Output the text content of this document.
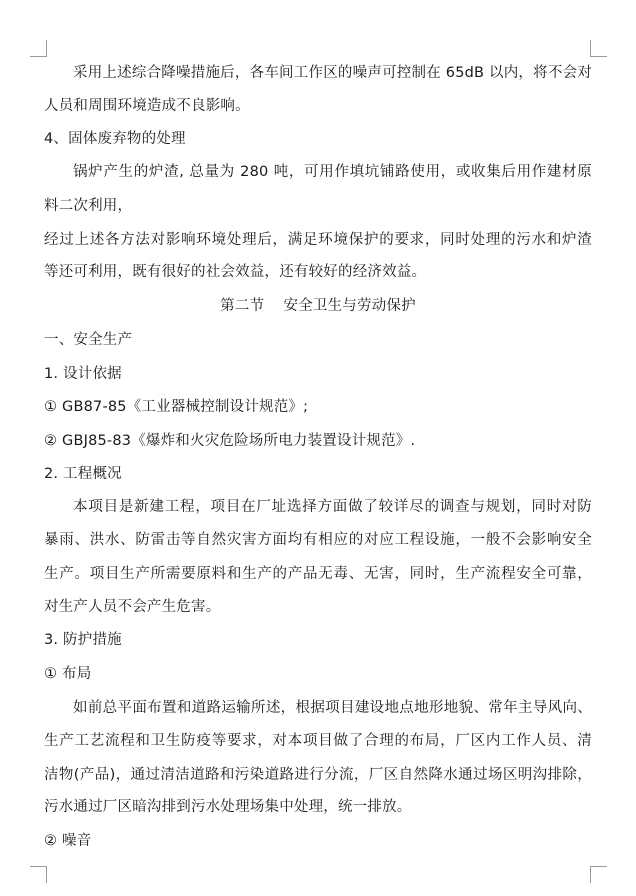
采用上述综合降噪措施后，各车间工作区的噪声可控制在 65dB 以内，将不会对
人员和周围环境造成不良影响。
4、固体废弃物的处理
锅炉产生的炉渣, 总量为 280 吨，可用作填坑铺路使用，或收集后用作建材原
料二次利用，
经过上述各方法对影响环境处理后，满足环境保护的要求，同时处理的污水和炉渣
等还可利用，既有很好的社会效益，还有较好的经济效益。
第二节    安全卫生与劳动保护
一、安全生产
1. 设计依据
① GB87-85《工业器械控制设计规范》;
② GBJ85-83《爆炸和火灾危险场所电力装置设计规范》.
2. 工程概况
本项目是新建工程，项目在厂址选择方面做了较详尽的调查与规划，同时对防
暴雨、洪水、防雷击等自然灾害方面均有相应的对应工程设施，一般不会影响安全
生产。项目生产所需要原料和生产的产品无毒、无害，同时，生产流程安全可靠，
对生产人员不会产生危害。
3. 防护措施
① 布局
如前总平面布置和道路运输所述，根据项目建设地点地形地貌、常年主导风向、
生产工艺流程和卫生防疫等要求，对本项目做了合理的布局，厂区内工作人员、清
洁物(产品)，通过清洁道路和污染道路进行分流，厂区自然降水通过场区明沟排除，
污水通过厂区暗沟排到污水处理场集中处理，统一排放。
② 噪音
